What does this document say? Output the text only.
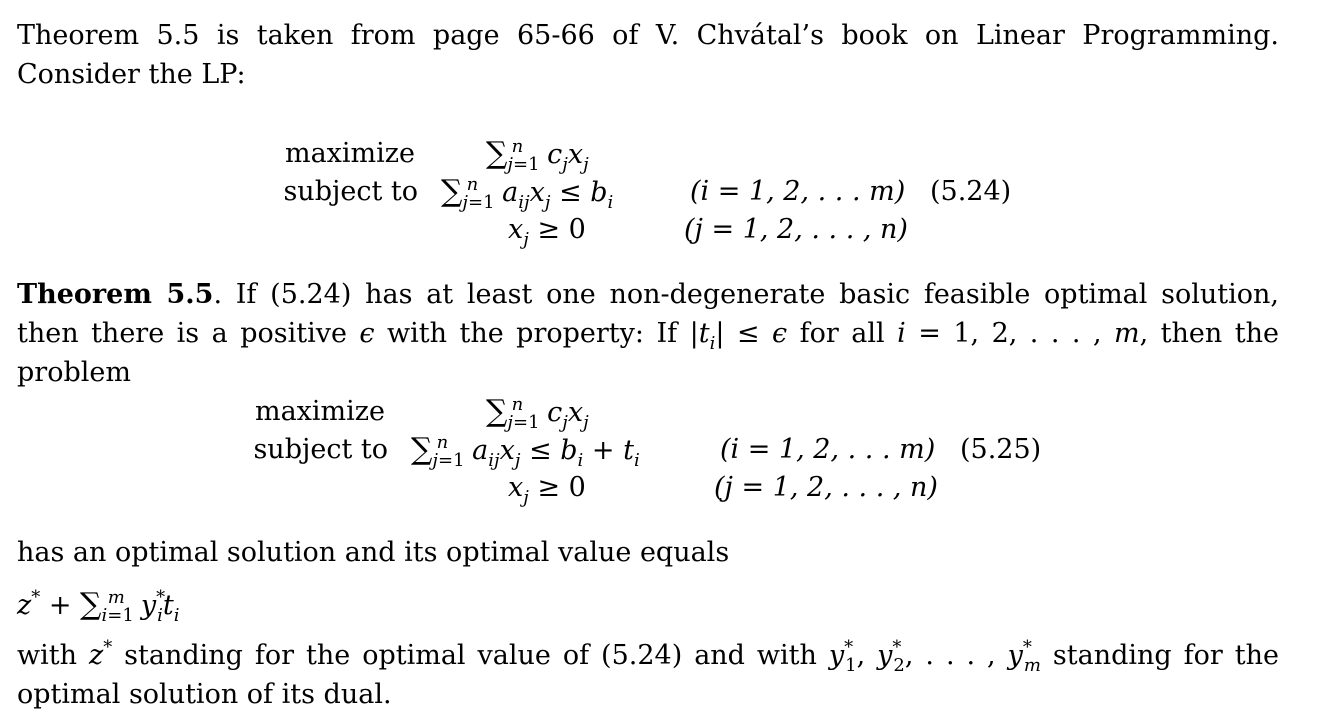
Theorem 5.5 is taken from page 65-66 of V. Chvátal’s book on Linear Programming. Consider the LP:
maximize
subject to
$\sum_{j=1}^n$ $c_jx_j$
$\sum_{j=1}^n$ $a_{ij}x_j \le b_i$
$x_j \ge 0$
(i = 1, 2, . . . m)
(j = 1, 2, . . . , n)
(5.24)
Theorem 5.5. If (5.24) has at least one non-degenerate basic feasible optimal solution, then there is a positive ϵ with the property: If $|t_i| \le \epsilon$ for all i = 1, 2, . . . , m, then the problem
maximize
subject to
$\sum_{j=1}^n$ $c_jx_j$
$\sum_{j=1}^n$ $a_{ij}x_j \le b_i + t_i$
$x_j \ge 0$
(i = 1, 2, . . . m)
(j = 1, 2, . . . , n)
(5.25)
has an optimal solution and its optimal value equals
$z^* + \sum_{i=1}^m$ $y^*_it_i$
with z* standing for the optimal value of (5.24) and with $y^*_1$, $y^*_2$, . . . , $y^*_m$ standing for the optimal solution of its dual.
